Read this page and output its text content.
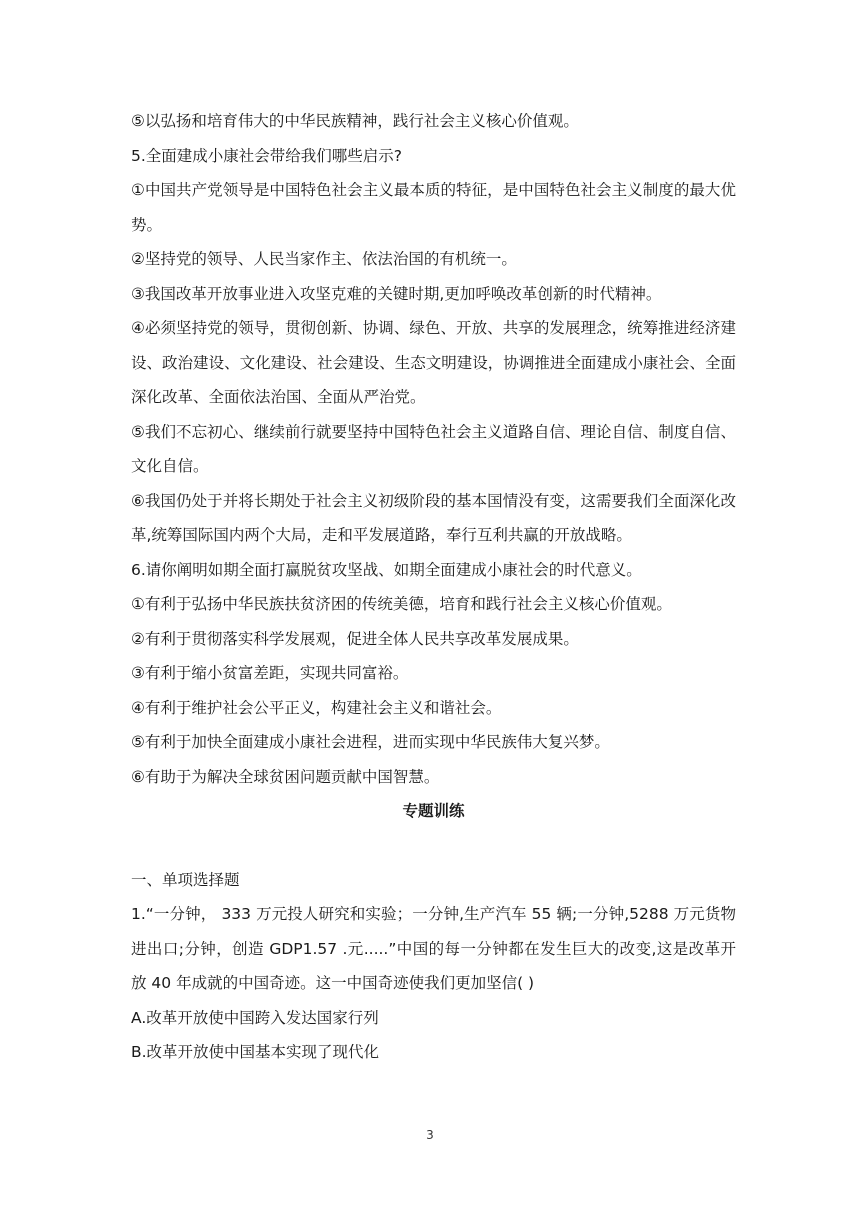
⑤以弘扬和培育伟大的中华民族精神，践行社会主义核心价值观。

5.全面建成小康社会带给我们哪些启示?

①中国共产党领导是中国特色社会主义最本质的特征，是中国特色社会主义制度的最大优势。

②坚持党的领导、人民当家作主、依法治国的有机统一。

③我国改革开放事业进入攻坚克难的关键时期,更加呼唤改革创新的时代精神。

④必须坚持党的领导，贯彻创新、协调、绿色、开放、共享的发展理念，统筹推进经济建设、政治建设、文化建设、社会建设、生态文明建设，协调推进全面建成小康社会、全面深化改革、全面依法治国、全面从严治党。

⑤我们不忘初心、继续前行就要坚持中国特色社会主义道路自信、理论自信、制度自信、文化自信。

⑥我国仍处于并将长期处于社会主义初级阶段的基本国情没有变，这需要我们全面深化改革,统筹国际国内两个大局，走和平发展道路，奉行互利共赢的开放战略。

6.请你阐明如期全面打赢脱贫攻坚战、如期全面建成小康社会的时代意义。

①有利于弘扬中华民族扶贫济困的传统美德，培育和践行社会主义核心价值观。

②有利于贯彻落实科学发展观，促进全体人民共享改革发展成果。

③有利于缩小贫富差距，实现共同富裕。

④有利于维护社会公平正义，构建社会主义和谐社会。

⑤有利于加快全面建成小康社会进程，进而实现中华民族伟大复兴梦。

⑥有助于为解决全球贫困问题贡献中国智慧。

专题训练

一、单项选择题

1.“一分钟， 333 万元投人研究和实验；一分钟,生产汽车 55 辆;一分钟,5288 万元货物进出口;分钟，创造 GDP1.57 .元.....”中国的每一分钟都在发生巨大的改变,这是改革开放 40 年成就的中国奇迹。这一中国奇迹使我们更加坚信( )

A.改革开放使中国跨入发达国家行列

B.改革开放使中国基本实现了现代化

3
